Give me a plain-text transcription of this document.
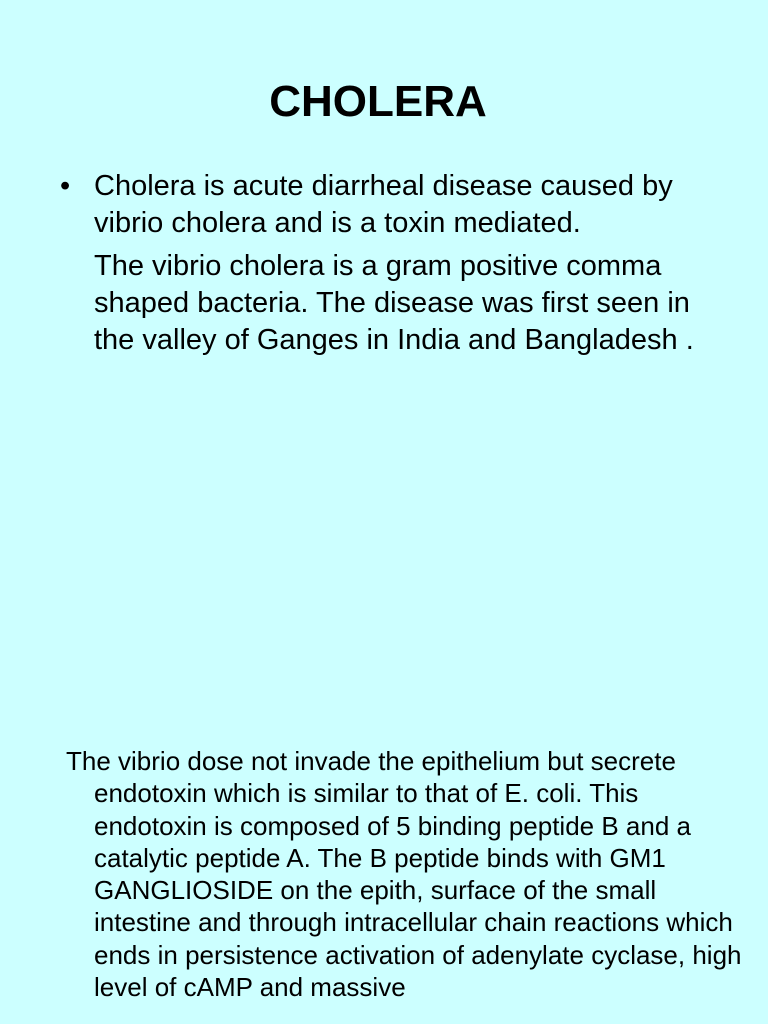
CHOLERA
• Cholera is acute diarrheal disease caused by vibrio cholera and is a toxin mediated.
The vibrio cholera is a gram positive comma shaped bacteria. The disease was first seen in the valley of Ganges in India and Bangladesh .
The vibrio dose not invade the epithelium but secrete endotoxin which is similar to that of E. coli. This endotoxin is composed of 5 binding peptide B and a catalytic peptide A. The B peptide binds with GM1 GANGLIOSIDE on the epith, surface of the small intestine and through intracellular chain reactions which ends in persistence activation of adenylate cyclase, high level of cAMP and massive
